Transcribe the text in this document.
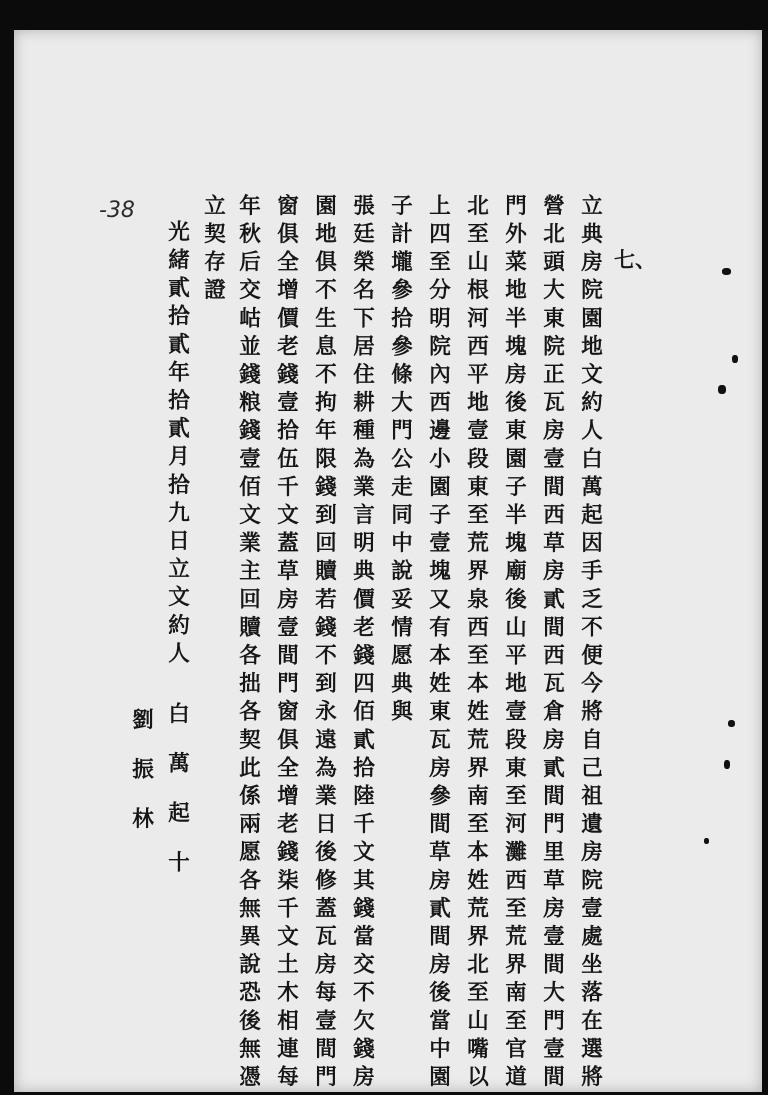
-38
七、
立典房院園地文約人白萬起因手乏不便今將自己祖遺房院壹處坐落在選將
營北頭大東院正瓦房壹間西草房貳間西瓦倉房貳間門里草房壹間大門壹間
門外菜地半塊房後東園子半塊廟後山平地壹段東至河灘西至荒界南至官道
北至山根河西平地壹段東至荒界泉西至本姓荒界南至本姓荒界北至山嘴以
上四至分明院內西邊小園子壹塊又有本姓東瓦房參間草房貳間房後當中園
子計壠參拾參條大門公走同中說妥情愿典與
張廷榮名下居住耕種為業言明典價老錢四佰貳拾陸千文其錢當交不欠錢房
園地俱不生息不拘年限錢到回贖若錢不到永遠為業日後修蓋瓦房每壹間門
窗俱全增價老錢壹拾伍千文蓋草房壹間門窗俱全增老錢柒千文土木相連每
年秋后交岵並錢粮錢壹佰文業主回贖各拙各契此係兩愿各無異說恐後無憑
立契存證
光緒貳拾貳年拾貳月拾九日立文約人
白萬起十
劉振林
